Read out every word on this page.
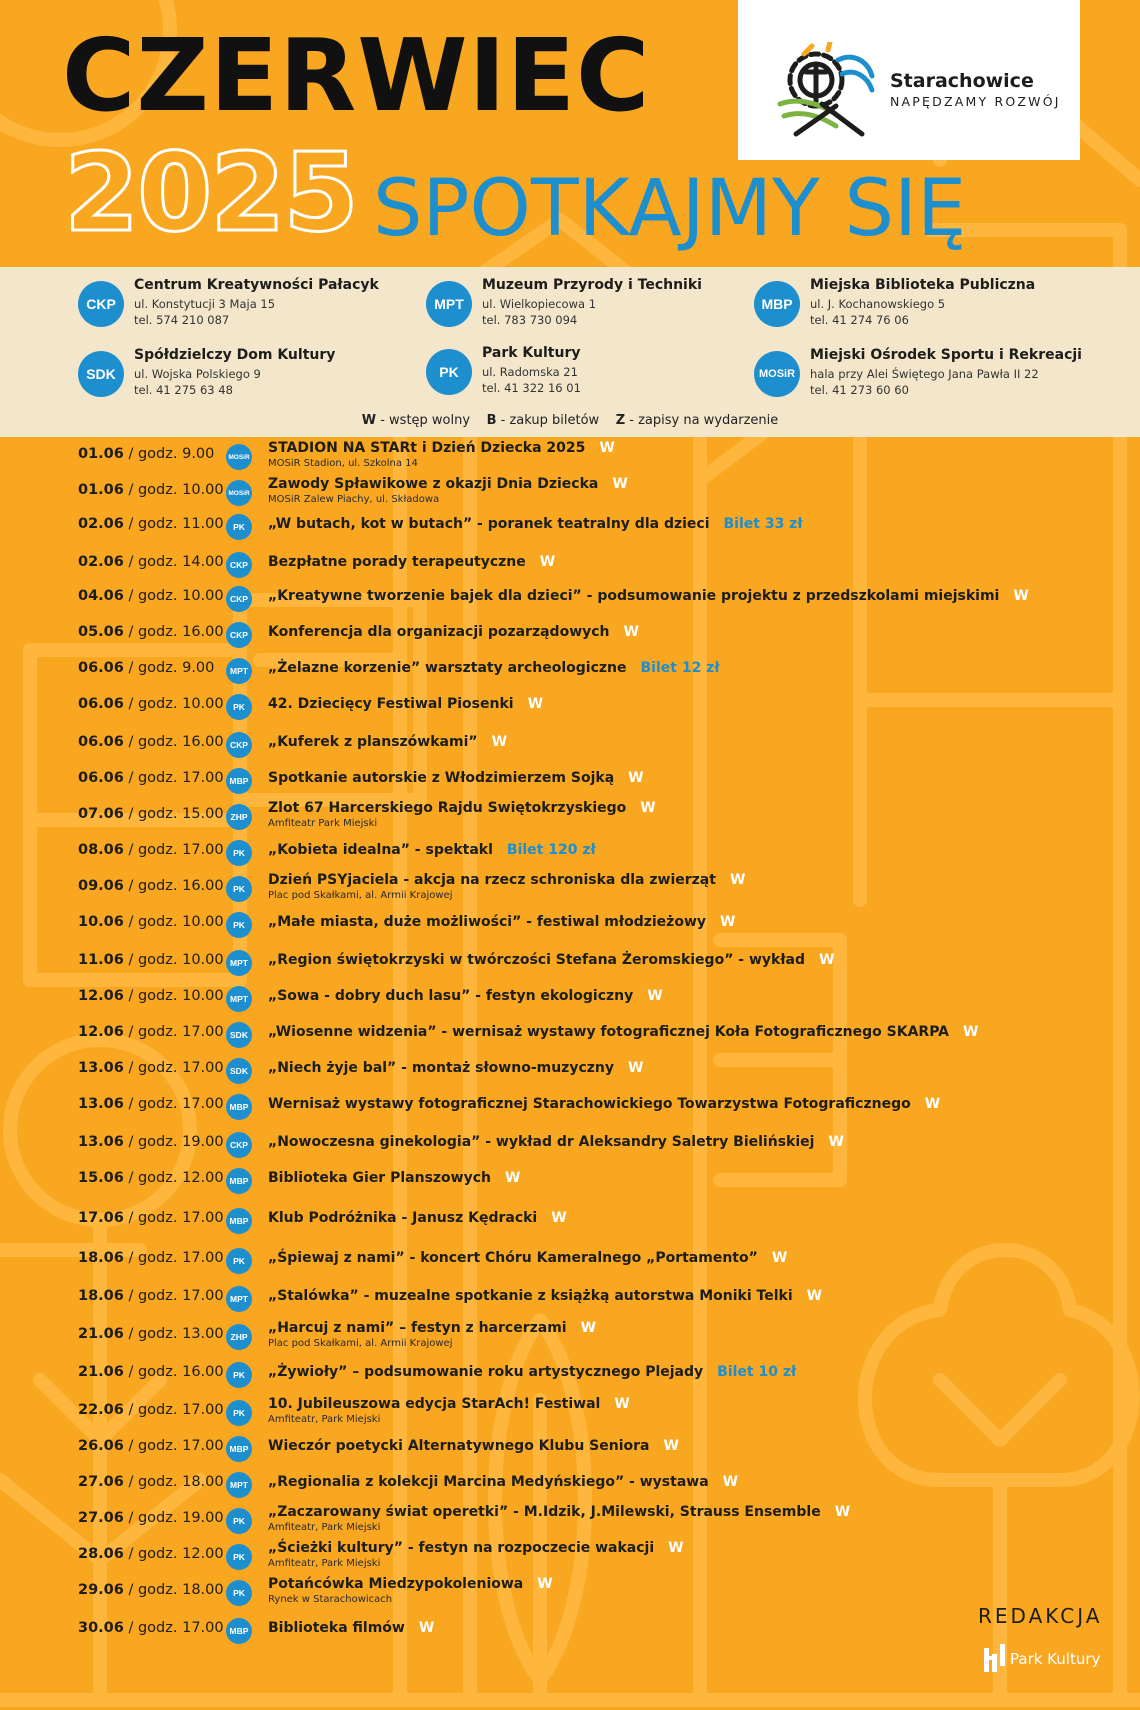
CZERWIEC
2025 SPOTKAJMY SIĘ
Starachowice
NAPĘDZAMY ROZWÓJ
CKP
Centrum Kreatywności Pałacyk
ul. Konstytucji 3 Maja 15
tel. 574 210 087
MPT
Muzeum Przyrody i Techniki
ul. Wielkopiecowa 1
tel. 783 730 094
MBP
Miejska Biblioteka Publiczna
ul. J. Kochanowskiego 5
tel. 41 274 76 06
SDK
Spółdzielczy Dom Kultury
ul. Wojska Polskiego 9
tel. 41 275 63 48
PK
Park Kultury
ul. Radomska 21
tel. 41 322 16 01
MOSiR
Miejski Ośrodek Sportu i Rekreacji
hala przy Alei Świętego Jana Pawła II 22
tel. 41 273 60 60
W - wstęp wolny B - zakup biletów Z - zapisy na wydarzenie
01.06 / godz. 9.00	MOSiR
STADION NA STARt i Dzień Dziecka 2025 W
MOSiR Stadion, ul. Szkolna 14
01.06 / godz. 10.00 MOSiR
Zawody Spławikowe z okazji Dnia Dziecka W
MOSiR Zalew Piachy, ul. Składowa
02.06 / godz. 11.00	PK	„W butach, kot w butach” - poranek teatralny dla dzieci Bilet 33 zł
02.06 / godz. 14.00 CKP Bezpłatne porady terapeutyczne W
04.06 / godz. 10.00 CKP „Kreatywne tworzenie bajek dla dzieci” - podsumowanie projektu z przedszkolami miejskimi W
05.06 / godz. 16.00 CKP Konferencja dla organizacji pozarządowych W
06.06 / godz. 9.00	MPT „Żelazne korzenie” warsztaty archeologiczne Bilet 12 zł
06.06 / godz. 10.00	PK	42. Dziecięcy Festiwal Piosenki W
06.06 / godz. 16.00 CKP „Kuferek z planszówkami” W
06.06 / godz. 17.00 MBP Spotkanie autorskie z Włodzimierzem Sojką W
07.06 / godz. 15.00 ZHP
Zlot 67 Harcerskiego Rajdu Swiętokrzyskiego W
Amfiteatr Park Miejski
08.06 / godz. 17.00	PK	„Kobieta idealna” - spektakl Bilet 120 zł
09.06 / godz. 16.00	PK
Dzień PSYjaciela - akcja na rzecz schroniska dla zwierząt W
Plac pod Skałkami, al. Armii Krajowej
10.06 / godz. 10.00	PK	„Małe miasta, duże możliwości” - festiwal młodzieżowy W
11.06 / godz. 10.00 MPT „Region świętokrzyski w twórczości Stefana Żeromskiego” - wykład W
12.06 / godz. 10.00 MPT „Sowa - dobry duch lasu” - festyn ekologiczny W
12.06 / godz. 17.00 SDK „Wiosenne widzenia” - wernisaż wystawy fotograficznej Koła Fotograficznego SKARPA W
13.06 / godz. 17.00 SDK „Niech żyje bal” - montaż słowno-muzyczny W
13.06 / godz. 17.00 MBP Wernisaż wystawy fotograficznej Starachowickiego Towarzystwa Fotograficznego W
13.06 / godz. 19.00 CKP „Nowoczesna ginekologia” - wykład dr Aleksandry Saletry Bielińskiej W
15.06 / godz. 12.00 MBP Biblioteka Gier Planszowych W
17.06 / godz. 17.00 MBP Klub Podróżnika - Janusz Kędracki W
18.06 / godz. 17.00	PK	„Śpiewaj z nami” - koncert Chóru Kameralnego „Portamento” W
18.06 / godz. 17.00 MPT „Stalówka” - muzealne spotkanie z książką autorstwa Moniki Telki W
21.06 / godz. 13.00 ZHP
„Harcuj z nami” – festyn z harcerzami W
Plac pod Skałkami, al. Armii Krajowej
21.06 / godz. 16.00	PK	„Żywioły” – podsumowanie roku artystycznego Plejady Bilet 10 zł
22.06 / godz. 17.00	PK
10. Jubileuszowa edycja StarAch! Festiwal W
Amfiteatr, Park Miejski
26.06 / godz. 17.00 MBP Wieczór poetycki Alternatywnego Klubu Seniora W
27.06 / godz. 18.00 MPT „Regionalia z kolekcji Marcina Medyńskiego” - wystawa W
27.06 / godz. 19.00	PK
„Zaczarowany świat operetki” - M.Idzik, J.Milewski, Strauss Ensemble W
Amfiteatr, Park Miejski
28.06 / godz. 12.00	PK
„Ścieżki kultury” - festyn na rozpoczecie wakacji W
Amfiteatr, Park Miejski
29.06 / godz. 18.00	PK
Potańcówka Miedzypokoleniowa W
Rynek w Starachowicach
30.06 / godz. 17.00 MBP Biblioteka filmów W	REDAKCJA
Park Kultury
